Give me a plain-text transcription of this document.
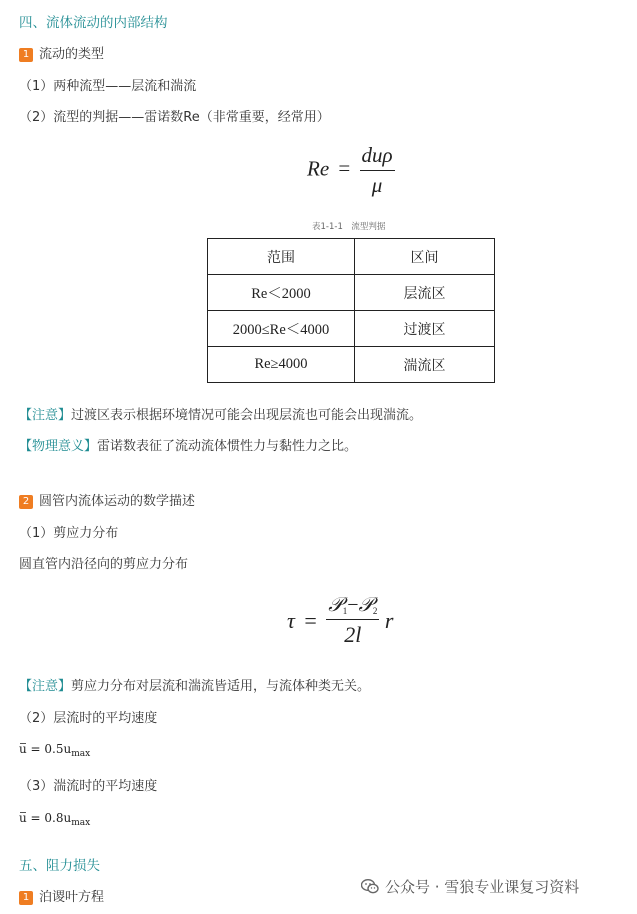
四、流体流动的内部结构
1 流动的类型
（1）两种流型——层流和湍流
（2）流型的判据——雷诺数Re（非常重要，经常用）
$Re = \frac{\text{duρ}}{\mu}$
表1-1-1　流型判据
范围	区间
Re＜2000	层流区
2000≤Re＜4000	过渡区
Re≥4000	湍流区
【注意】过渡区表示根据环境情况可能会出现层流也可能会出现湍流。
【物理意义】雷诺数表征了流动流体惯性力与黏性力之比。
2 圆管内流体运动的数学描述
（1）剪应力分布
圆直管内沿径向的剪应力分布
$\tau = \frac{𝒫_1-𝒫_2}{2l}$ r
【注意】剪应力分布对层流和湍流皆适用，与流体种类无关。
（2）层流时的平均速度
$u = 0.5u_{max}$
（3）湍流时的平均速度
$u = 0.8u_{max}$
五、阻力损失
1 泊谡叶方程
公众号 · 雪狼专业课复习资料
